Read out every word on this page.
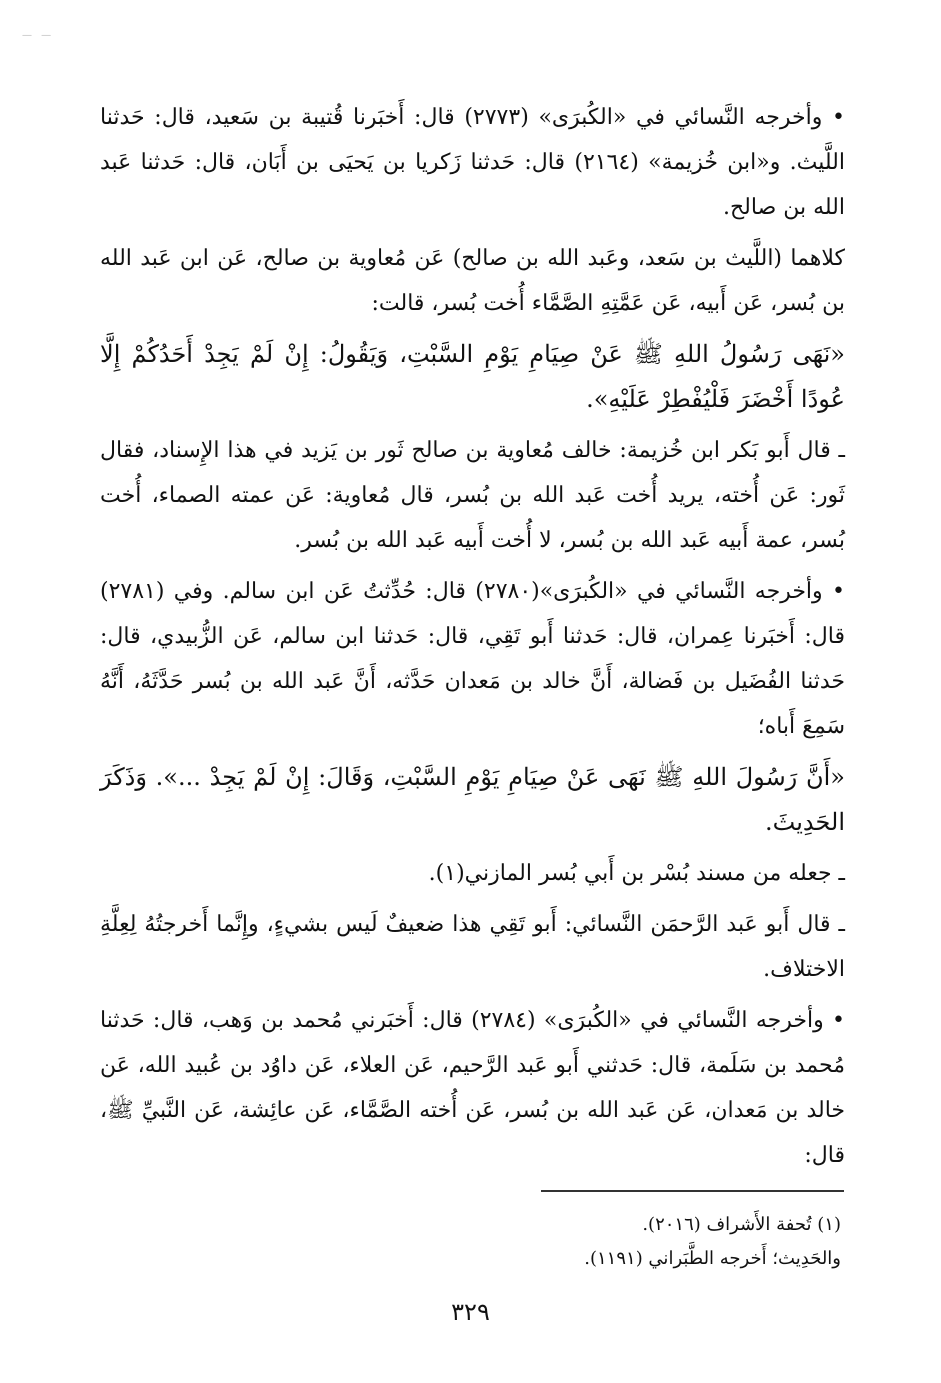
— —

• وأخرجه النَّسائي في «الكُبرَى» (٢٧٧٣) قال: أَخبَرنا قُتيبة بن سَعيد، قال: حَدثنا اللَّيث. و«ابن خُزيمة» (٢١٦٤) قال: حَدثنا زَكريا بن يَحيَى بن أَبَان، قال: حَدثنا عَبد الله بن صالح.

كلاهما (اللَّيث بن سَعد، وعَبد الله بن صالح) عَن مُعاوية بن صالح، عَن ابن عَبد الله بن بُسر، عَن أَبيه، عَن عَمَّتِهِ الصَّمَّاء أُخت بُسر، قالت:

«نَهَى رَسُولُ اللهِ ﷺ عَنْ صِيَامِ يَوْمِ السَّبْتِ، وَيَقُولُ: إِنْ لَمْ يَجِدْ أَحَدُكُمْ إِلَّا عُودًا أَخْضَرَ فَلْيُفْطِرْ عَلَيْهِ».

ـ قال أَبو بَكر ابن خُزيمة: خالف مُعاوية بن صالح ثَور بن يَزيد في هذا الإِسناد، فقال ثَور: عَن أُخته، يريد أُخت عَبد الله بن بُسر، قال مُعاوية: عَن عمته الصماء، أُخت بُسر، عمة أَبيه عَبد الله بن بُسر، لا أُخت أَبيه عَبد الله بن بُسر.

• وأخرجه النَّسائي في «الكُبرَى»(٢٧٨٠) قال: حُدِّثتُ عَن ابن سالم. وفي (٢٧٨١) قال: أَخبَرنا عِمران، قال: حَدثنا أَبو تَقِي، قال: حَدثنا ابن سالم، عَن الزُّبيدي، قال: حَدثنا الفُضَيل بن فَضالة، أَنَّ خالد بن مَعدان حَدَّثه، أَنَّ عَبد الله بن بُسر حَدَّثَهُ، أَنَّهُ سَمِعَ أَباه؛

«أَنَّ رَسُولَ اللهِ ﷺ نَهَى عَنْ صِيَامِ يَوْمِ السَّبْتِ، وَقَالَ: إِنْ لَمْ يَجِدْ ...». وَذَكَرَ الحَدِيثَ.

ـ جعله من مسند بُسْر بن أَبي بُسر المازني(١).

ـ قال أَبو عَبد الرَّحمَن النَّسائي: أَبو تَقِي هذا ضعيفٌ لَيس بشيءٍ، وإِنَّما أَخرجتُهُ لِعِلَّةِ الاختلاف.

• وأخرجه النَّسائي في «الكُبرَى» (٢٧٨٤) قال: أَخبَرني مُحمد بن وَهب، قال: حَدثنا مُحمد بن سَلَمة، قال: حَدثني أَبو عَبد الرَّحيم، عَن العلاء، عَن داوُد بن عُبيد الله، عَن خالد بن مَعدان، عَن عَبد الله بن بُسر، عَن أُخته الصَّمَّاء، عَن عائِشة، عَن النَّبيِّ ﷺ، قال:

(١) تُحفة الأَشراف (٢٠١٦).

والحَدِيث؛ أَخرجه الطَّبَراني (١١٩١).

٣٢٩
